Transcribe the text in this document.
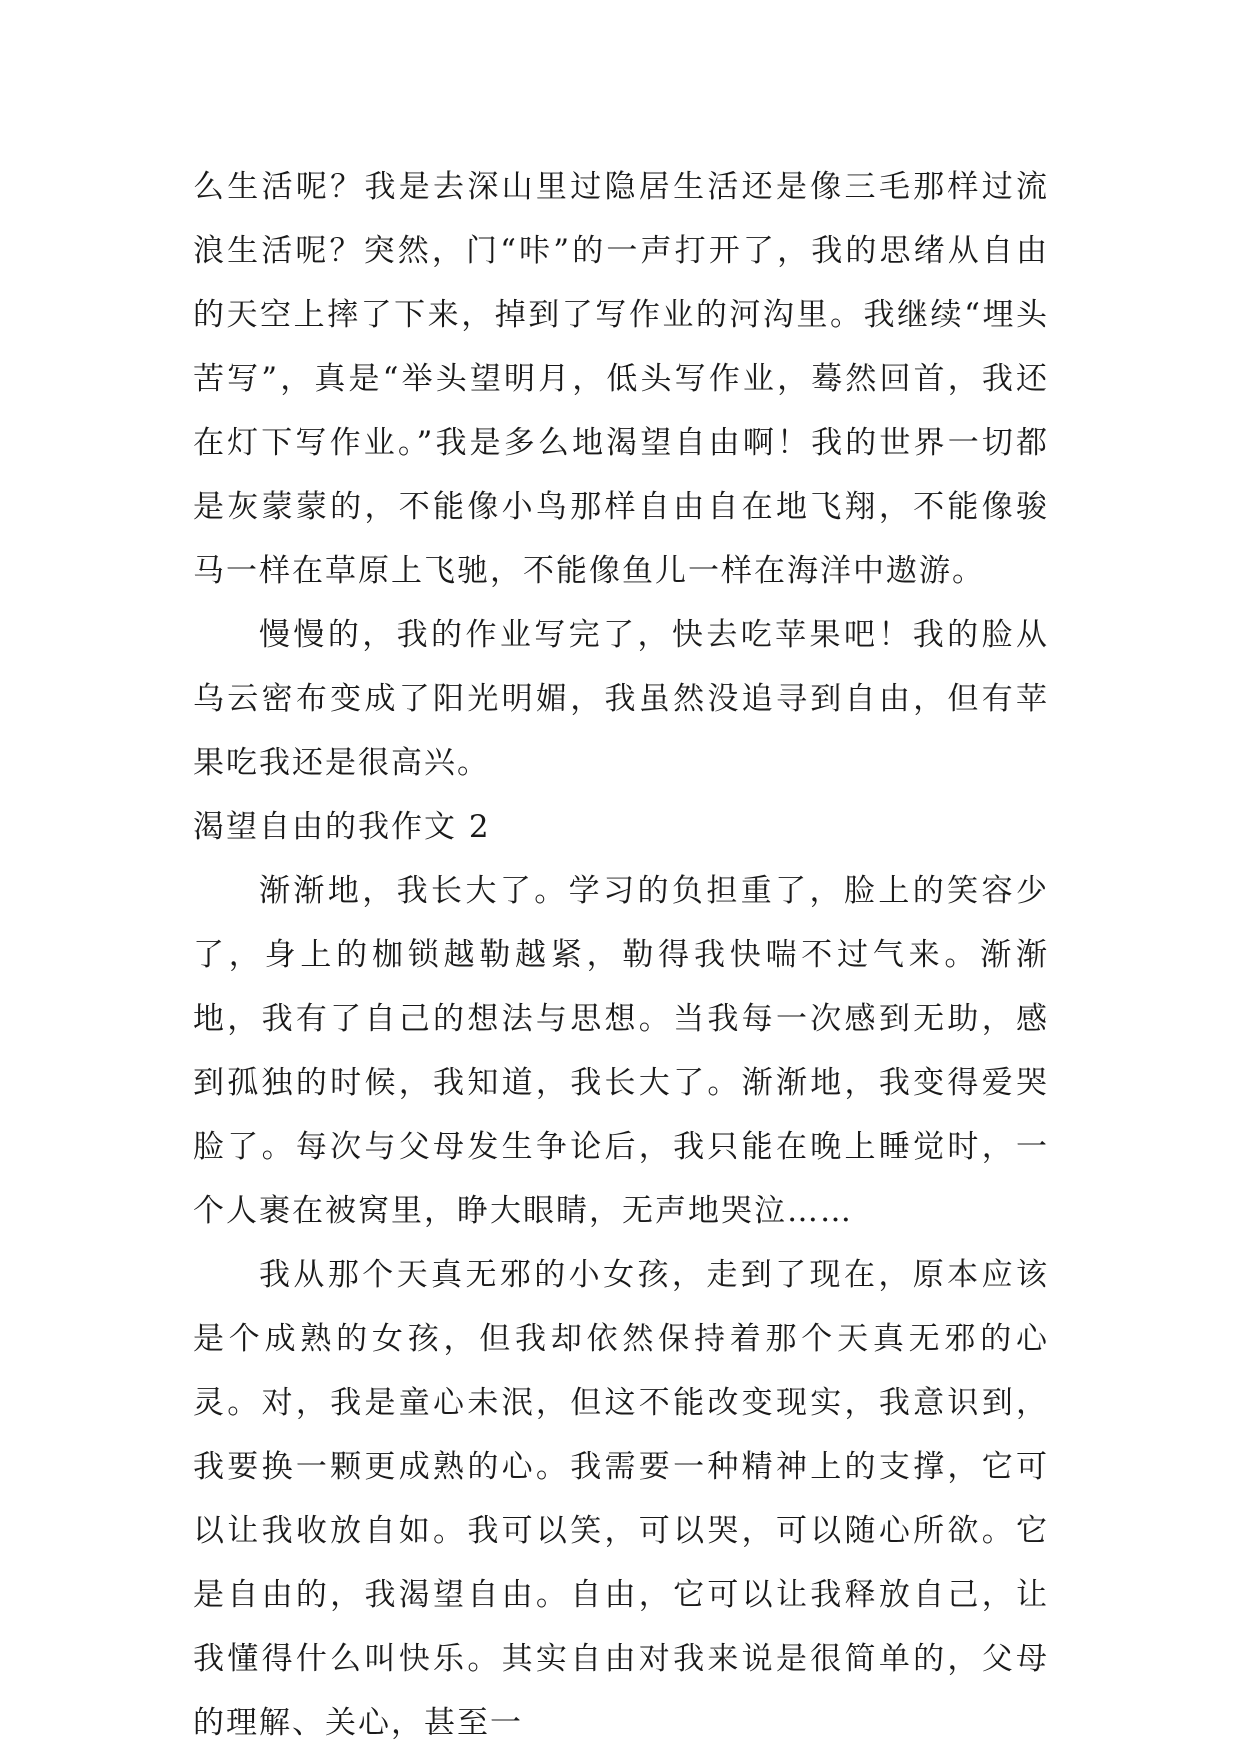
么生活呢？我是去深山里过隐居生活还是像三毛那样过流浪生活呢？突然，门“咔”的一声打开了，我的思绪从自由的天空上摔了下来，掉到了写作业的河沟里。我继续“埋头苦写”，真是“举头望明月，低头写作业，蓦然回首，我还在灯下写作业。”我是多么地渴望自由啊！我的世界一切都是灰蒙蒙的，不能像小鸟那样自由自在地飞翔，不能像骏马一样在草原上飞驰，不能像鱼儿一样在海洋中遨游。

慢慢的，我的作业写完了，快去吃苹果吧！我的脸从乌云密布变成了阳光明媚，我虽然没追寻到自由，但有苹果吃我还是很高兴。

渴望自由的我作文 2

渐渐地，我长大了。学习的负担重了，脸上的笑容少了，身上的枷锁越勒越紧，勒得我快喘不过气来。渐渐地，我有了自己的想法与思想。当我每一次感到无助，感到孤独的时候，我知道，我长大了。渐渐地，我变得爱哭脸了。每次与父母发生争论后，我只能在晚上睡觉时，一个人裹在被窝里，睁大眼睛，无声地哭泣……

我从那个天真无邪的小女孩，走到了现在，原本应该是个成熟的女孩，但我却依然保持着那个天真无邪的心灵。对，我是童心未泯，但这不能改变现实，我意识到，我要换一颗更成熟的心。我需要一种精神上的支撑，它可以让我收放自如。我可以笑，可以哭，可以随心所欲。它是自由的，我渴望自由。自由，它可以让我释放自己，让我懂得什么叫快乐。其实自由对我来说是很简单的，父母的理解、关心，甚至一
